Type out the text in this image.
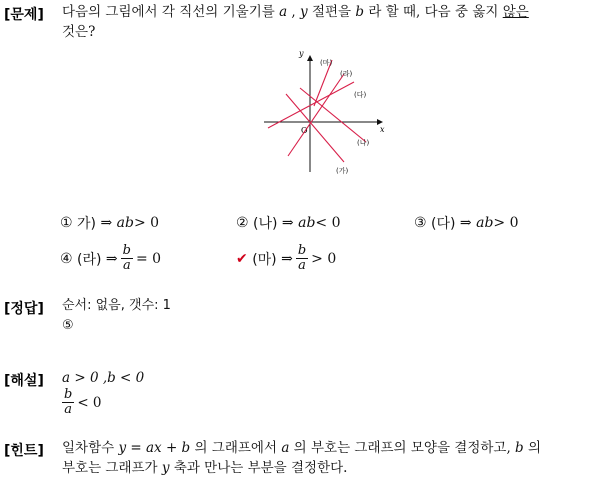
[문제] 다음의 그림에서 각 직선의 기울기를 a , y 절편을 b 라 할 때, 다음 중 옳지 않은
것은?
x
y
O
(마)
(라)
(다)
(나)
(가)
①
가)
⇒
ab > 0	②
(나)
⇒
ab < 0	③
(다)
⇒
ab > 0
④
(라)
⇒ $\frac{b}{a} = 0$	✔
(마)
⇒ $\frac{b}{a} > 0$
[정답] 순서: 없음, 갯수: 1
⑤
[해설] a > 0 ,b < 0
$\frac{b}{a} < 0$
[힌트] 일차함수 y = ax + b 의 그래프에서 a 의 부호는 그래프의 모양을 결정하고, b 의
부호는 그래프가 y 축과 만나는 부분을 결정한다.
